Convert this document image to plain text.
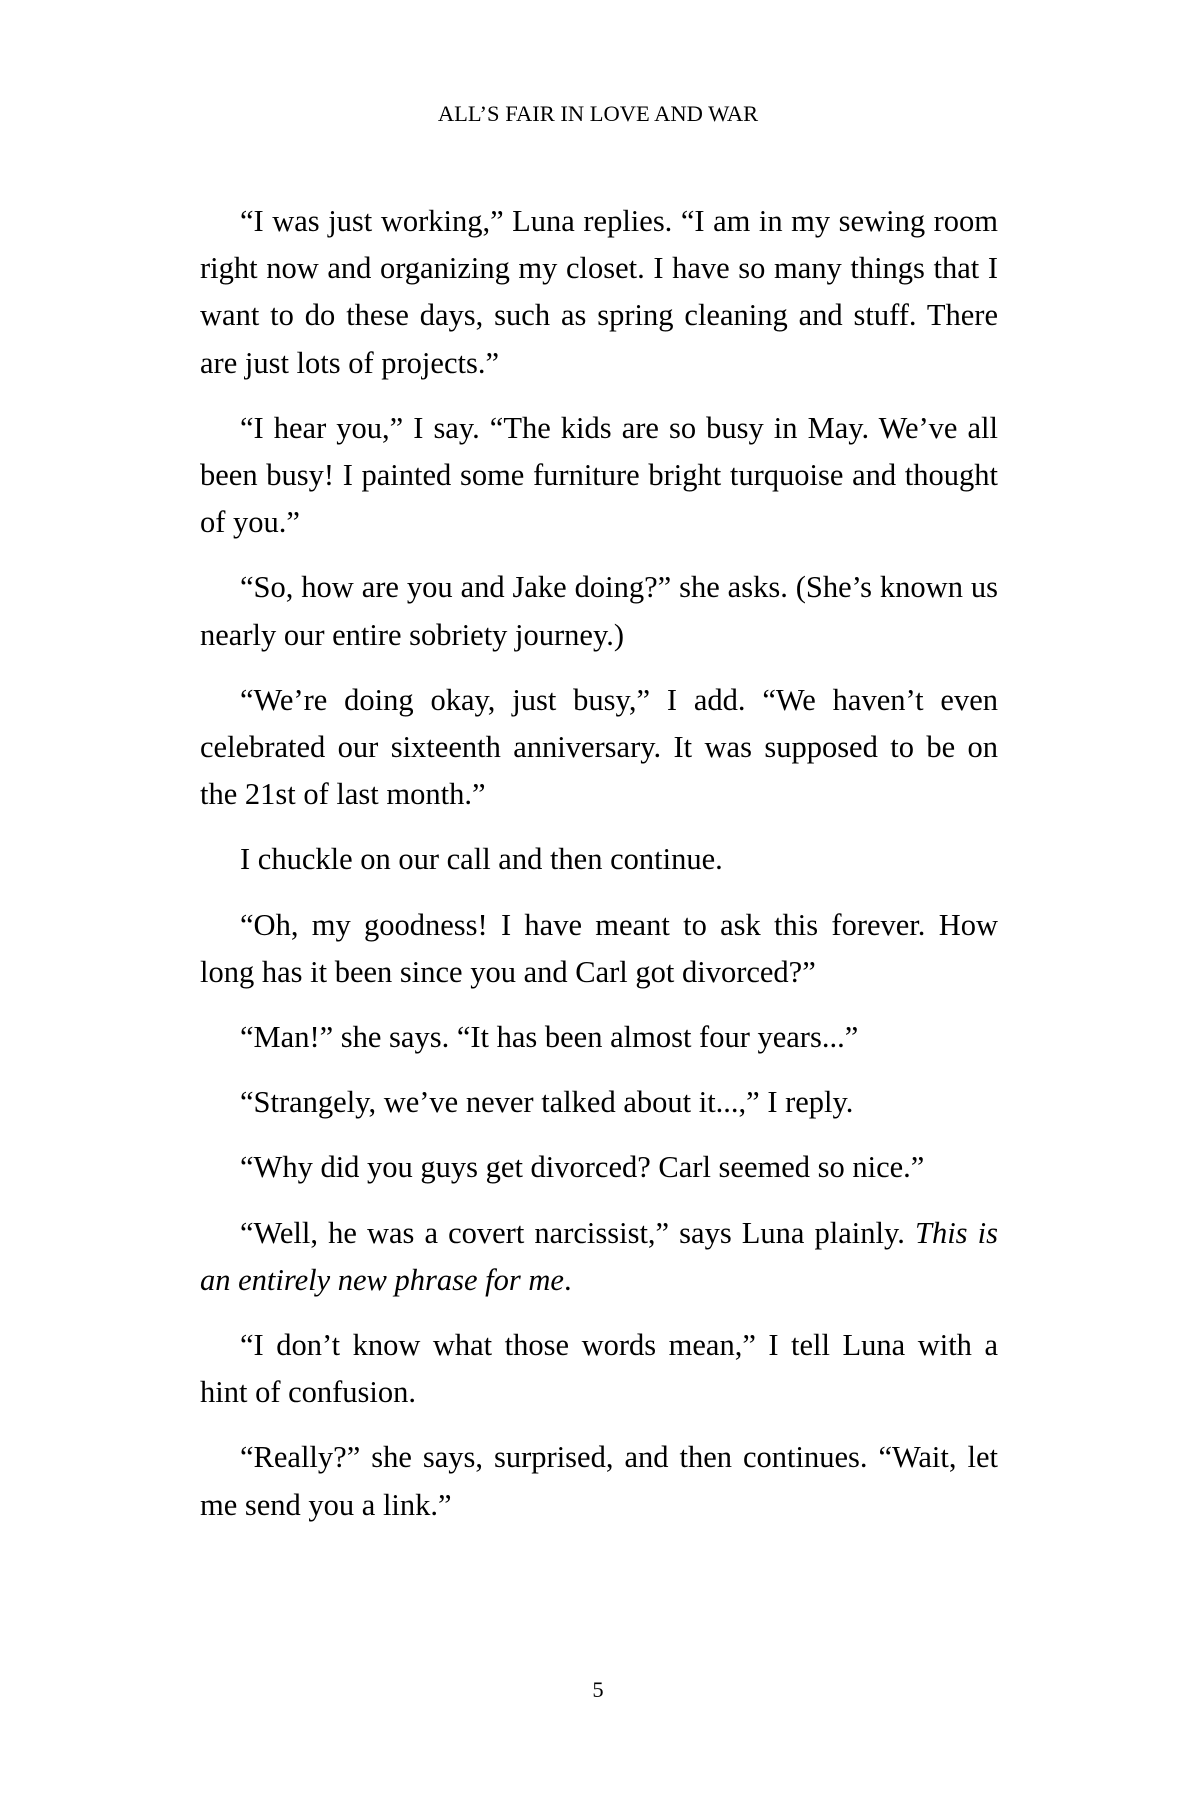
ALL’S FAIR IN LOVE AND WAR

“I was just working,” Luna replies. “I am in my sewing room right now and organizing my closet. I have so many things that I want to do these days, such as spring cleaning and stuff. There are just lots of projects.”

“I hear you,” I say. “The kids are so busy in May. We’ve all been busy! I painted some furniture bright turquoise and thought of you.”

“So, how are you and Jake doing?” she asks. (She’s known us nearly our entire sobriety journey.)

“We’re doing okay, just busy,” I add. “We haven’t even celebrated our sixteenth anniversary. It was supposed to be on the 21st of last month.”

I chuckle on our call and then continue.

“Oh, my goodness! I have meant to ask this forever. How long has it been since you and Carl got divorced?”

“Man!” she says. “It has been almost four years...”

“Strangely, we’ve never talked about it...,” I reply.

“Why did you guys get divorced? Carl seemed so nice.”

“Well, he was a covert narcissist,” says Luna plainly. This is an entirely new phrase for me.

“I don’t know what those words mean,” I tell Luna with a hint of confusion.

“Really?” she says, surprised, and then continues. “Wait, let me send you a link.”

5
